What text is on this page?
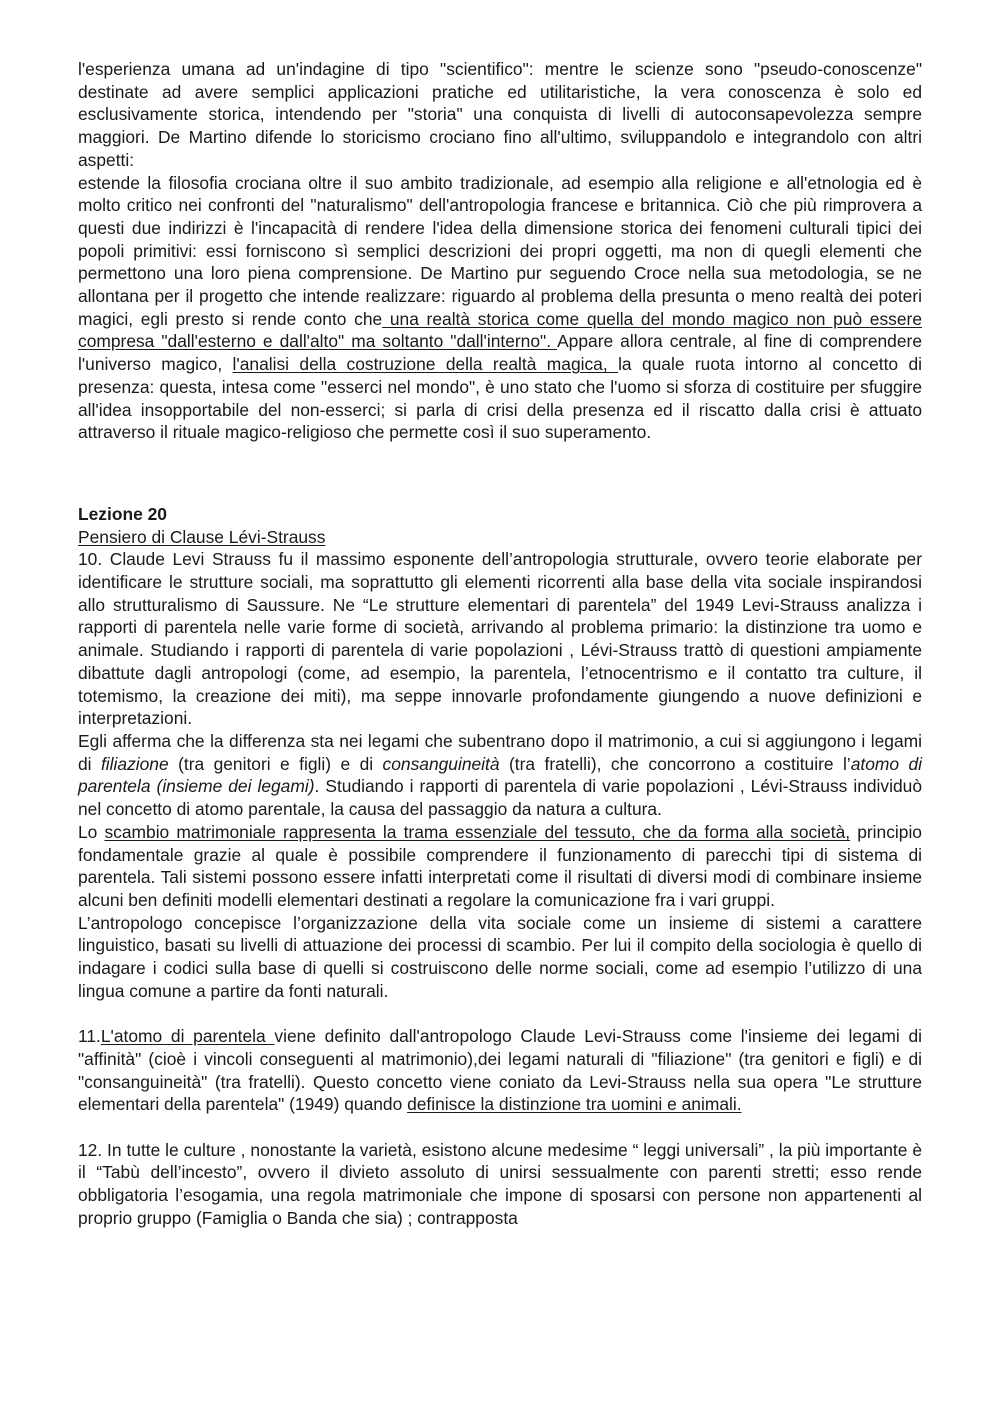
l'esperienza umana ad un'indagine di tipo "scientifico": mentre le scienze sono "pseudo-conoscenze" destinate ad avere semplici applicazioni pratiche ed utilitaristiche, la vera conoscenza è solo ed esclusivamente storica, intendendo per "storia" una conquista di livelli di autoconsapevolezza sempre maggiori. De Martino difende lo storicismo crociano fino all'ultimo, sviluppandolo e integrandolo con altri aspetti:

estende la filosofia crociana oltre il suo ambito tradizionale, ad esempio alla religione e all'etnologia ed è molto critico nei confronti del "naturalismo" dell'antropologia francese e britannica. Ciò che più rimprovera a questi due indirizzi è l'incapacità di rendere l'idea della dimensione storica dei fenomeni culturali tipici dei popoli primitivi: essi forniscono sì semplici descrizioni dei propri oggetti, ma non di quegli elementi che permettono una loro piena comprensione. De Martino pur seguendo Croce nella sua metodologia, se ne allontana per il progetto che intende realizzare: riguardo al problema della presunta o meno realtà dei poteri magici, egli presto si rende conto che una realtà storica come quella del mondo magico non può essere compresa "dall'esterno e dall'alto" ma soltanto "dall'interno". Appare allora centrale, al fine di comprendere l'universo magico, l'analisi della costruzione della realtà magica, la quale ruota intorno al concetto di presenza: questa, intesa come "esserci nel mondo", è uno stato che l'uomo si sforza di costituire per sfuggire all'idea insopportabile del non-esserci; si parla di crisi della presenza ed il riscatto dalla crisi è attuato attraverso il rituale magico-religioso che permette così il suo superamento.

Lezione 20

Pensiero di Clause Lévi-Strauss

10. Claude Levi Strauss fu il massimo esponente dell’antropologia strutturale, ovvero teorie elaborate per identificare le strutture sociali, ma soprattutto gli elementi ricorrenti alla base della vita sociale inspirandosi allo strutturalismo di Saussure. Ne “Le strutture elementari di parentela” del 1949 Levi-Strauss analizza i rapporti di parentela nelle varie forme di società, arrivando al problema primario: la distinzione tra uomo e animale. Studiando i rapporti di parentela di varie popolazioni , Lévi-Strauss trattò di questioni ampiamente dibattute dagli antropologi (come, ad esempio, la parentela, l’etnocentrismo e il contatto tra culture, il totemismo, la creazione dei miti), ma seppe innovarle profondamente giungendo a nuove definizioni e interpretazioni.

Egli afferma che la differenza sta nei legami che subentrano dopo il matrimonio, a cui si aggiungono i legami di filiazione (tra genitori e figli) e di consanguineità (tra fratelli), che concorrono a costituire l’atomo di parentela (insieme dei legami). Studiando i rapporti di parentela di varie popolazioni , Lévi-Strauss individuò nel concetto di atomo parentale, la causa del passaggio da natura a cultura.

Lo scambio matrimoniale rappresenta la trama essenziale del tessuto, che da forma alla società, principio fondamentale grazie al quale è possibile comprendere il funzionamento di parecchi tipi di sistema di parentela. Tali sistemi possono essere infatti interpretati come il risultati di diversi modi di combinare insieme alcuni ben definiti modelli elementari destinati a regolare la comunicazione fra i vari gruppi.

L’antropologo concepisce l’organizzazione della vita sociale come un insieme di sistemi a carattere linguistico, basati su livelli di attuazione dei processi di scambio. Per lui il compito della sociologia è quello di indagare i codici sulla base di quelli si costruiscono delle norme sociali, come ad esempio l’utilizzo di una lingua comune a partire da fonti naturali.

11.L'atomo di parentela viene definito dall'antropologo Claude Levi-Strauss come l'insieme dei legami di "affinità" (cioè i vincoli conseguenti al matrimonio),dei legami naturali di "filiazione" (tra genitori e figli) e di "consanguineità" (tra fratelli). Questo concetto viene coniato da Levi-Strauss nella sua opera "Le strutture elementari della parentela" (1949) quando definisce la distinzione tra uomini e animali.

12. In tutte le culture , nonostante la varietà, esistono alcune medesime “ leggi universali” , la più importante è il “Tabù dell’incesto”, ovvero il divieto assoluto di unirsi sessualmente con parenti stretti; esso rende obbligatoria l’esogamia, una regola matrimoniale che impone di sposarsi con persone non appartenenti al proprio gruppo (Famiglia o Banda che sia) ; contrapposta
